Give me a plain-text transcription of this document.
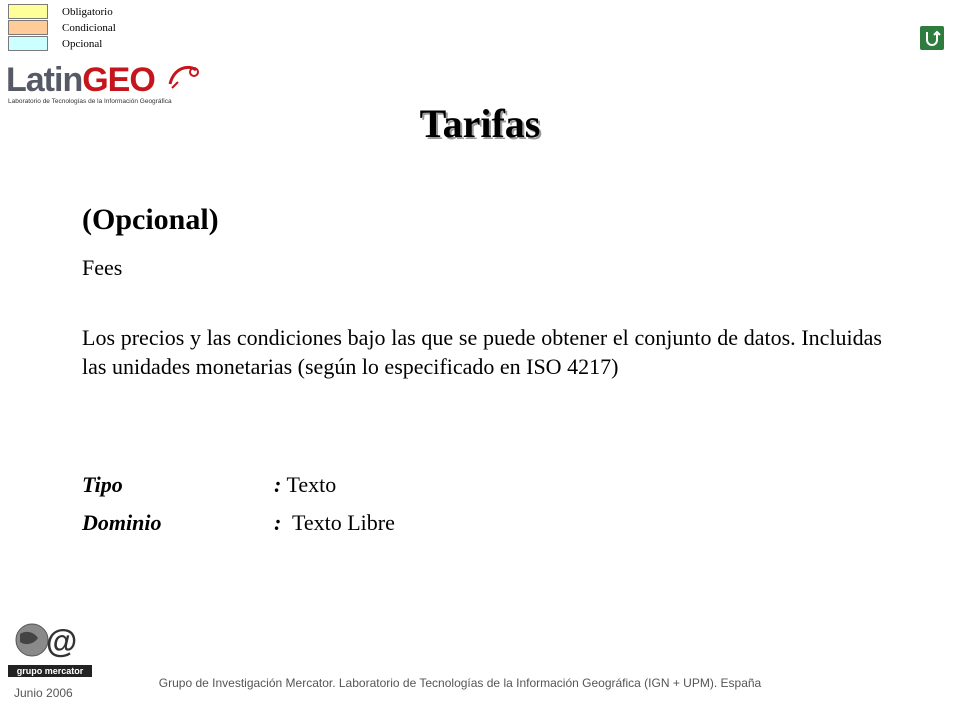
Obligatorio
Condicional
Opcional
LatinGEO
Laboratorio de Tecnologías de la Información Geográfica	Tarifas
(Opcional)
Fees
Los precios y las condiciones bajo las que se puede obtener el conjunto de datos. Incluidas las unidades monetarias (según lo especificado en ISO 4217)
Tipo	: Texto
Dominio	: Texto Libre
@
grupo mercator
Junio 2006
Grupo de Investigación Mercator. Laboratorio de Tecnologías de la Información Geográfica (IGN + UPM). España
